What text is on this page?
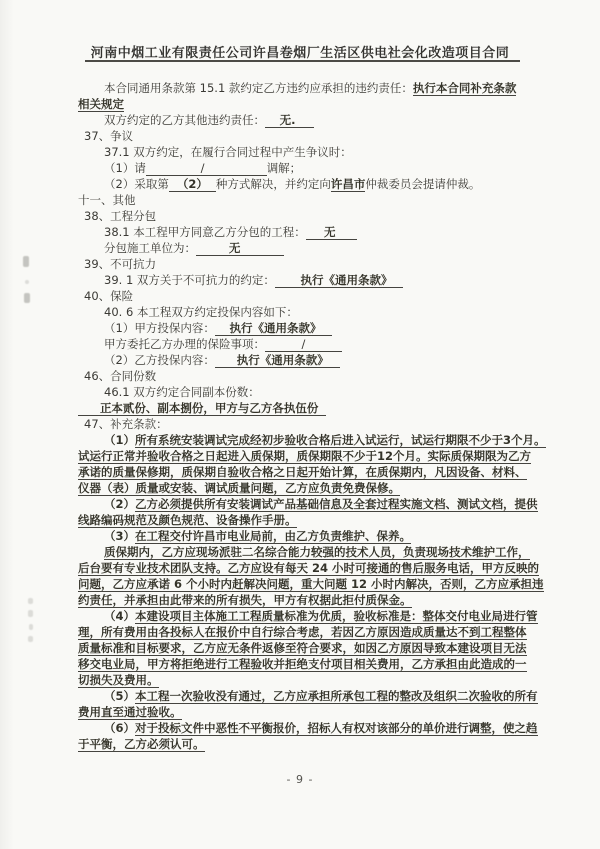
河南中烟工业有限责任公司许昌卷烟厂生活区供电社会化改造项目合同
本合同通用条款第 15.1 款约定乙方违约应承担的违约责任：执行本合同补充条款
相关规定
双方约定的乙方其他违约责任： 无.
37、争议
37.1 双方约定，在履行合同过程中产生争议时：
（1）请               /                 调解；
（2）采取第  （2）  种方式解决，并约定向许昌市仲裁委员会提请仲裁。
十一、其他
38、工程分包
38.1 本工程甲方同意乙方分包的工程： 无
分包施工单位为：	无
39、不可抗力
39. 1 双方关于不可抗力的约定： 执行《通用条款》
40、保险
40. 6 本工程双方约定投保内容如下：
（1）甲方投保内容： 执行《通用条款》
甲方委托乙方办理的保险事项：          /
（2）乙方投保内容： 执行《通用条款》
46、合同份数
46.1 双方约定合同副本份数：
正本贰份、副本捌份，甲方与乙方各执伍份
47、补充条款：
（1）所有系统安装调试完成经初步验收合格后进入试运行，试运行期限不少于3个月。
试运行正常并验收合格之日起进入质保期，质保期限不少于12个月。实际质保期限为乙方
承诺的质量保修期，质保期自验收合格之日起开始计算，在质保期内，凡因设备、材料、
仪器（表）质量或安装、调试质量问题，乙方应负责免费保修。
（2）乙方必须提供所有安装调试产品基础信息及全套过程实施文档、测试文档，提供
线路编码规范及颜色规范、设备操作手册。
（3）在工程交付许昌市电业局前，由乙方负责维护、保养。
质保期内，乙方应现场派驻二名综合能力较强的技术人员，负责现场技术维护工作，
后台要有专业技术团队支持。乙方应设有每天 24 小时可接通的售后服务电话，甲方反映的
问题，乙方应承诺 6 个小时内赶解决问题，重大问题 12 小时内解决，否则，乙方应承担违
约责任，并承担由此带来的所有损失，甲方有权据此拒付质保金。
（4）本建设项目主体施工工程质量标准为优质，验收标准是：整体交付电业局进行管
理，所有费用由各投标人在报价中自行综合考虑，若因乙方原因造成质量达不到工程整体
质量标准和目标要求，乙方应无条件返修至符合要求，如因乙方原因导致本建设项目无法
移交电业局，甲方将拒绝进行工程验收并拒绝支付项目相关费用，乙方承担由此造成的一
切损失及费用。
（5）本工程一次验收没有通过，乙方应承担所承包工程的整改及组织二次验收的所有
费用直至通过验收。
（6）对于投标文件中恶性不平衡报价，招标人有权对该部分的单价进行调整，使之趋
于平衡，乙方必须认可。
- 9 -
